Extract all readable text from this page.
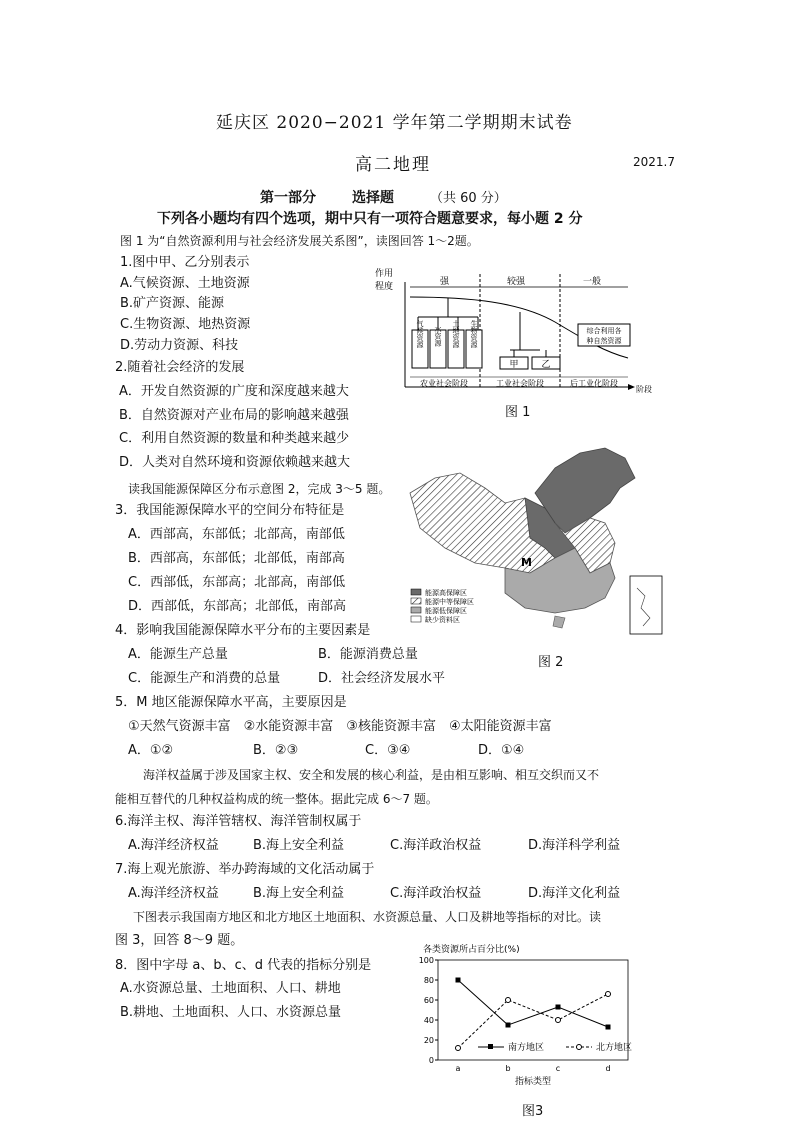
延庆区 2020−2021 学年第二学期期末试卷
高二地理	2021.7
第一部分	选择题	（共 60 分）
下列各小题均有四个选项，期中只有一项符合题意要求，每小题 2 分
图 1 为“自然资源利用与社会经济发展关系图”，读图回答 1～2题。
1.图中甲、乙分别表示
A.气候资源、土地资源
B.矿产资源、能源
C.生物资源、地热资源
D.劳动力资源、科技
2.随着社会经济的发展
A．开发自然资源的广度和深度越来越大
B．自然资源对产业布局的影响越来越强
C．利用自然资源的数量和种类越来越少
D．人类对自然环境和资源依赖越来越大
作用
程度	强	较强	一般
气候资源 水资源 土地资源 生物资源
甲	乙
综合利用各
种自然资源
农业社会阶段	工业社会阶段	后工业化阶段
阶段
图 1
读我国能源保障区分布示意图 2，完成 3～5 题。
3．我国能源保障水平的空间分布特征是
A．西部高，东部低；北部高，南部低
B．西部高，东部低；北部低，南部高
C．西部低，东部高；北部高，南部低
D．西部低，东部高；北部低，南部高
4．影响我国能源保障水平分布的主要因素是
A．能源生产总量	B．能源消费总量
C．能源生产和消费的总量	D．社会经济发展水平
M
能源高保障区
能源中等保障区
能源低保障区
缺少资料区
图 2
5．M 地区能源保障水平高，主要原因是
①天然气资源丰富　②水能资源丰富　③核能资源丰富　④太阳能资源丰富
A．①②	B．②③	C．③④	D．①④
海洋权益属于涉及国家主权、安全和发展的核心利益，是由相互影响、相互交织而又不
能相互替代的几种权益构成的统一整体。据此完成 6～7 题。
6.海洋主权、海洋管辖权、海洋管制权属于
A.海洋经济权益	B.海上安全利益	C.海洋政治权益	D.海洋科学利益
7.海上观光旅游、举办跨海域的文化活动属于
A.海洋经济权益	B.海上安全利益	C.海洋政治权益	D.海洋文化利益
下图表示我国南方地区和北方地区土地面积、水资源总量、人口及耕地等指标的对比。读
图 3，回答 8～9 题。
8．图中字母 a、b、c、d 代表的指标分别是
A.水资源总量、土地面积、人口、耕地
B.耕地、土地面积、人口、水资源总量
各类资源所占百分比(%)
0
20
40
60
80
100
a	b	c	d
指标类型
南方地区	北方地区
图3
